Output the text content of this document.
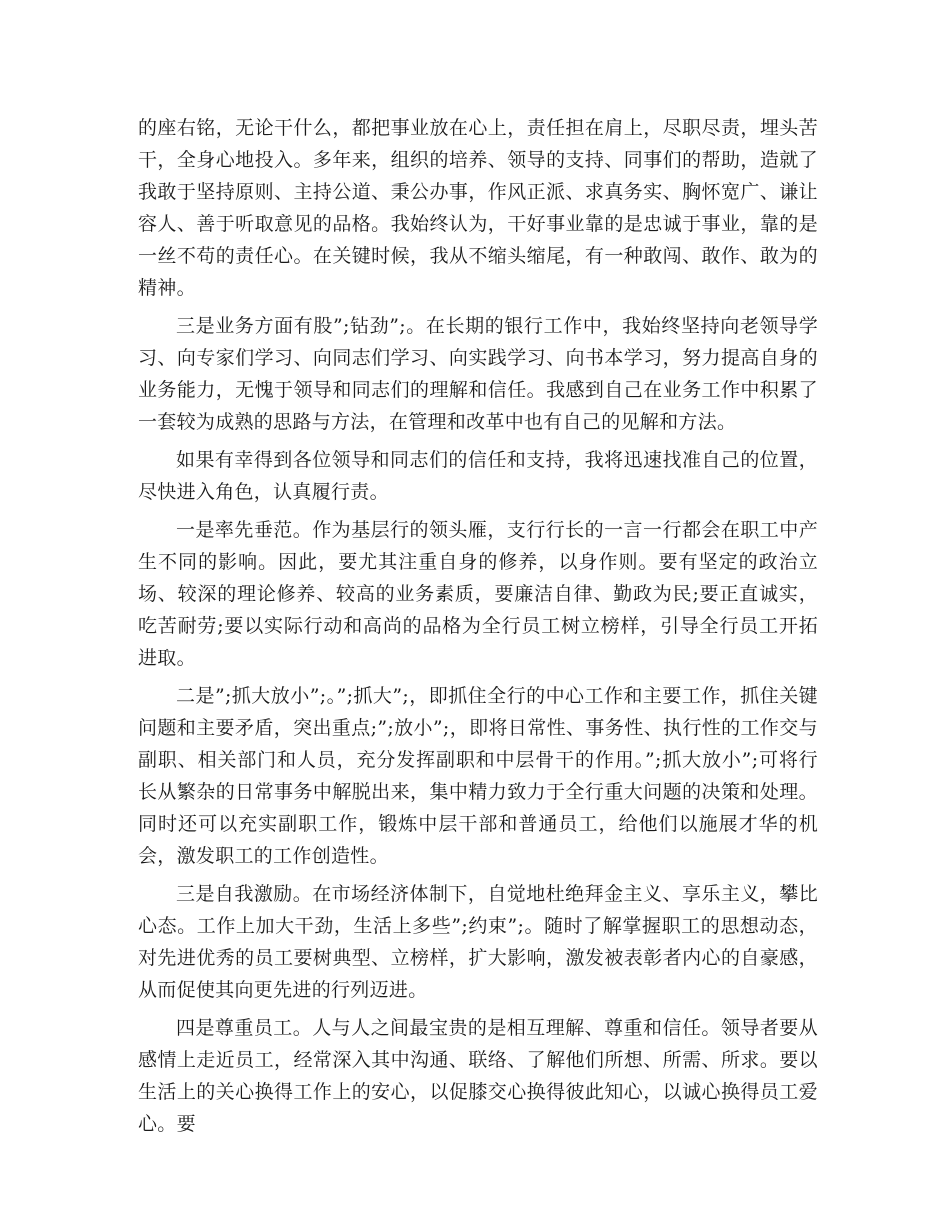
的座右铭，无论干什么，都把事业放在心上，责任担在肩上，尽职尽责，埋头苦干，全身心地投入。多年来，组织的培养、领导的支持、同事们的帮助，造就了我敢于坚持原则、主持公道、秉公办事，作风正派、求真务实、胸怀宽广、谦让容人、善于听取意见的品格。我始终认为，干好事业靠的是忠诚于事业，靠的是一丝不苟的责任心。在关键时候，我从不缩头缩尾，有一种敢闯、敢作、敢为的精神。

三是业务方面有股”;钻劲”;。在长期的银行工作中，我始终坚持向老领导学习、向专家们学习、向同志们学习、向实践学习、向书本学习，努力提高自身的业务能力，无愧于领导和同志们的理解和信任。我感到自己在业务工作中积累了一套较为成熟的思路与方法，在管理和改革中也有自己的见解和方法。

如果有幸得到各位领导和同志们的信任和支持，我将迅速找准自己的位置，尽快进入角色，认真履行责。

一是率先垂范。作为基层行的领头雁，支行行长的一言一行都会在职工中产生不同的影响。因此，要尤其注重自身的修养，以身作则。要有坚定的政治立场、较深的理论修养、较高的业务素质，要廉洁自律、勤政为民;要正直诚实，吃苦耐劳;要以实际行动和高尚的品格为全行员工树立榜样，引导全行员工开拓进取。

二是”;抓大放小”;。”;抓大”;，即抓住全行的中心工作和主要工作，抓住关键问题和主要矛盾，突出重点;”;放小”;，即将日常性、事务性、执行性的工作交与副职、相关部门和人员，充分发挥副职和中层骨干的作用。”;抓大放小”;可将行长从繁杂的日常事务中解脱出来，集中精力致力于全行重大问题的决策和处理。同时还可以充实副职工作，锻炼中层干部和普通员工，给他们以施展才华的机会，激发职工的工作创造性。

三是自我激励。在市场经济体制下，自觉地杜绝拜金主义、享乐主义，攀比心态。工作上加大干劲，生活上多些”;约束”;。随时了解掌握职工的思想动态，对先进优秀的员工要树典型、立榜样，扩大影响，激发被表彰者内心的自豪感，从而促使其向更先进的行列迈进。

四是尊重员工。人与人之间最宝贵的是相互理解、尊重和信任。领导者要从感情上走近员工，经常深入其中沟通、联络、了解他们所想、所需、所求。要以生活上的关心换得工作上的安心，以促膝交心换得彼此知心，以诚心换得员工爱心。要
